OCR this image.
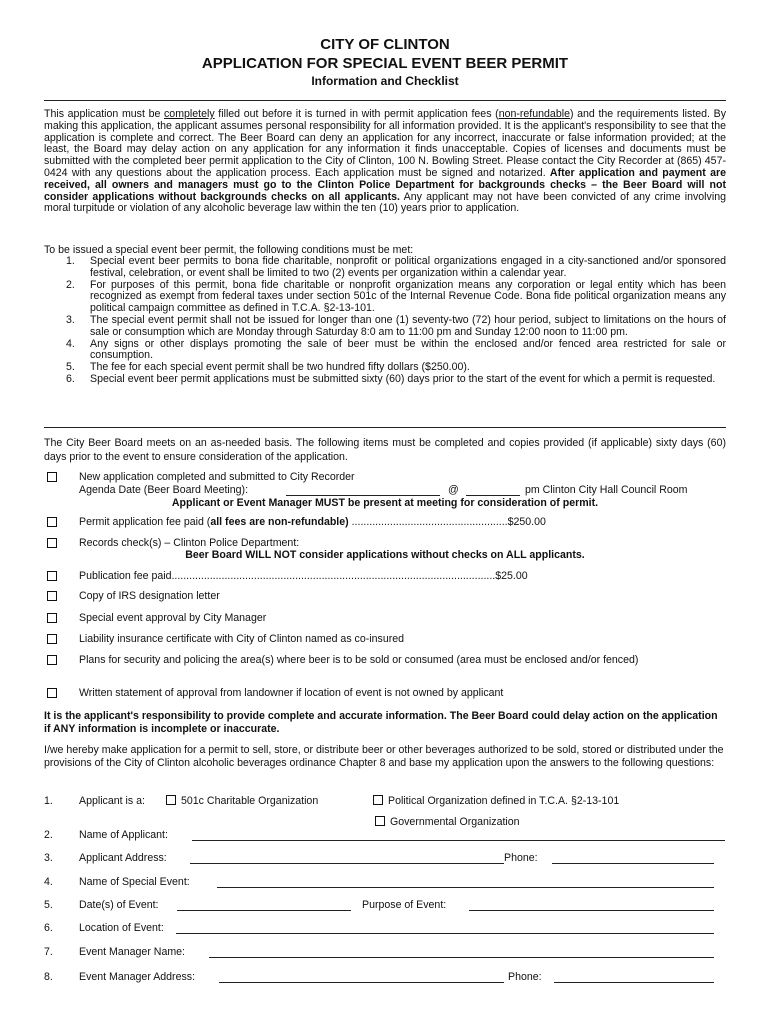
CITY OF CLINTON
APPLICATION FOR SPECIAL EVENT BEER PERMIT
Information and Checklist
This application must be completely filled out before it is turned in with permit application fees (non-refundable) and the requirements listed. By making this application, the applicant assumes personal responsibility for all information provided. It is the applicant's responsibility to see that the application is complete and correct. The Beer Board can deny an application for any incorrect, inaccurate or false information provided; at the least, the Board may delay action on any application for any information it finds unacceptable. Copies of licenses and documents must be submitted with the completed beer permit application to the City of Clinton, 100 N. Bowling Street. Please contact the City Recorder at (865) 457-0424 with any questions about the application process. Each application must be signed and notarized. After application and payment are received, all owners and managers must go to the Clinton Police Department for backgrounds checks – the Beer Board will not consider applications without backgrounds checks on all applicants. Any applicant may not have been convicted of any crime involving moral turpitude or violation of any alcoholic beverage law within the ten (10) years prior to application.
To be issued a special event beer permit, the following conditions must be met:
1. Special event beer permits to bona fide charitable, nonprofit or political organizations engaged in a city-sanctioned and/or sponsored festival, celebration, or event shall be limited to two (2) events per organization within a calendar year.
2. For purposes of this permit, bona fide charitable or nonprofit organization means any corporation or legal entity which has been recognized as exempt from federal taxes under section 501c of the Internal Revenue Code. Bona fide political organization means any political campaign committee as defined in T.C.A. §2-13-101.
3. The special event permit shall not be issued for longer than one (1) seventy-two (72) hour period, subject to limitations on the hours of sale or consumption which are Monday through Saturday 8:0 am to 11:00 pm and Sunday 12:00 noon to 11:00 pm.
4. Any signs or other displays promoting the sale of beer must be within the enclosed and/or fenced area restricted for sale or consumption.
5. The fee for each special event permit shall be two hundred fifty dollars ($250.00).
6. Special event beer permit applications must be submitted sixty (60) days prior to the start of the event for which a permit is requested.
The City Beer Board meets on an as-needed basis. The following items must be completed and copies provided (if applicable) sixty days (60) days prior to the event to ensure consideration of the application.
New application completed and submitted to City Recorder
Agenda Date (Beer Board Meeting):	@	pm Clinton City Hall Council Room
Applicant or Event Manager MUST be present at meeting for consideration of permit.
Permit application fee paid (all fees are non-refundable) .....................................................$250.00
Records check(s) – Clinton Police Department:
Beer Board WILL NOT consider applications without checks on ALL applicants.
Publication fee paid..............................................................................................................$25.00
Copy of IRS designation letter
Special event approval by City Manager
Liability insurance certificate with City of Clinton named as co-insured
Plans for security and policing the area(s) where beer is to be sold or consumed (area must be enclosed and/or fenced)
Written statement of approval from landowner if location of event is not owned by applicant
It is the applicant's responsibility to provide complete and accurate information. The Beer Board could delay action on the application if ANY information is incomplete or inaccurate.
I/we hereby make application for a permit to sell, store, or distribute beer or other beverages authorized to be sold, stored or distributed under the provisions of the City of Clinton alcoholic beverages ordinance Chapter 8 and base my application upon the answers to the following questions:
1. Applicant is a:	501c Charitable Organization	Political Organization defined in T.C.A. §2-13-101
Governmental Organization
2. Name of Applicant:
3. Applicant Address:	Phone:
4. Name of Special Event:
5. Date(s) of Event:	Purpose of Event:
6. Location of Event:
7. Event Manager Name:
8. Event Manager Address:	Phone:
